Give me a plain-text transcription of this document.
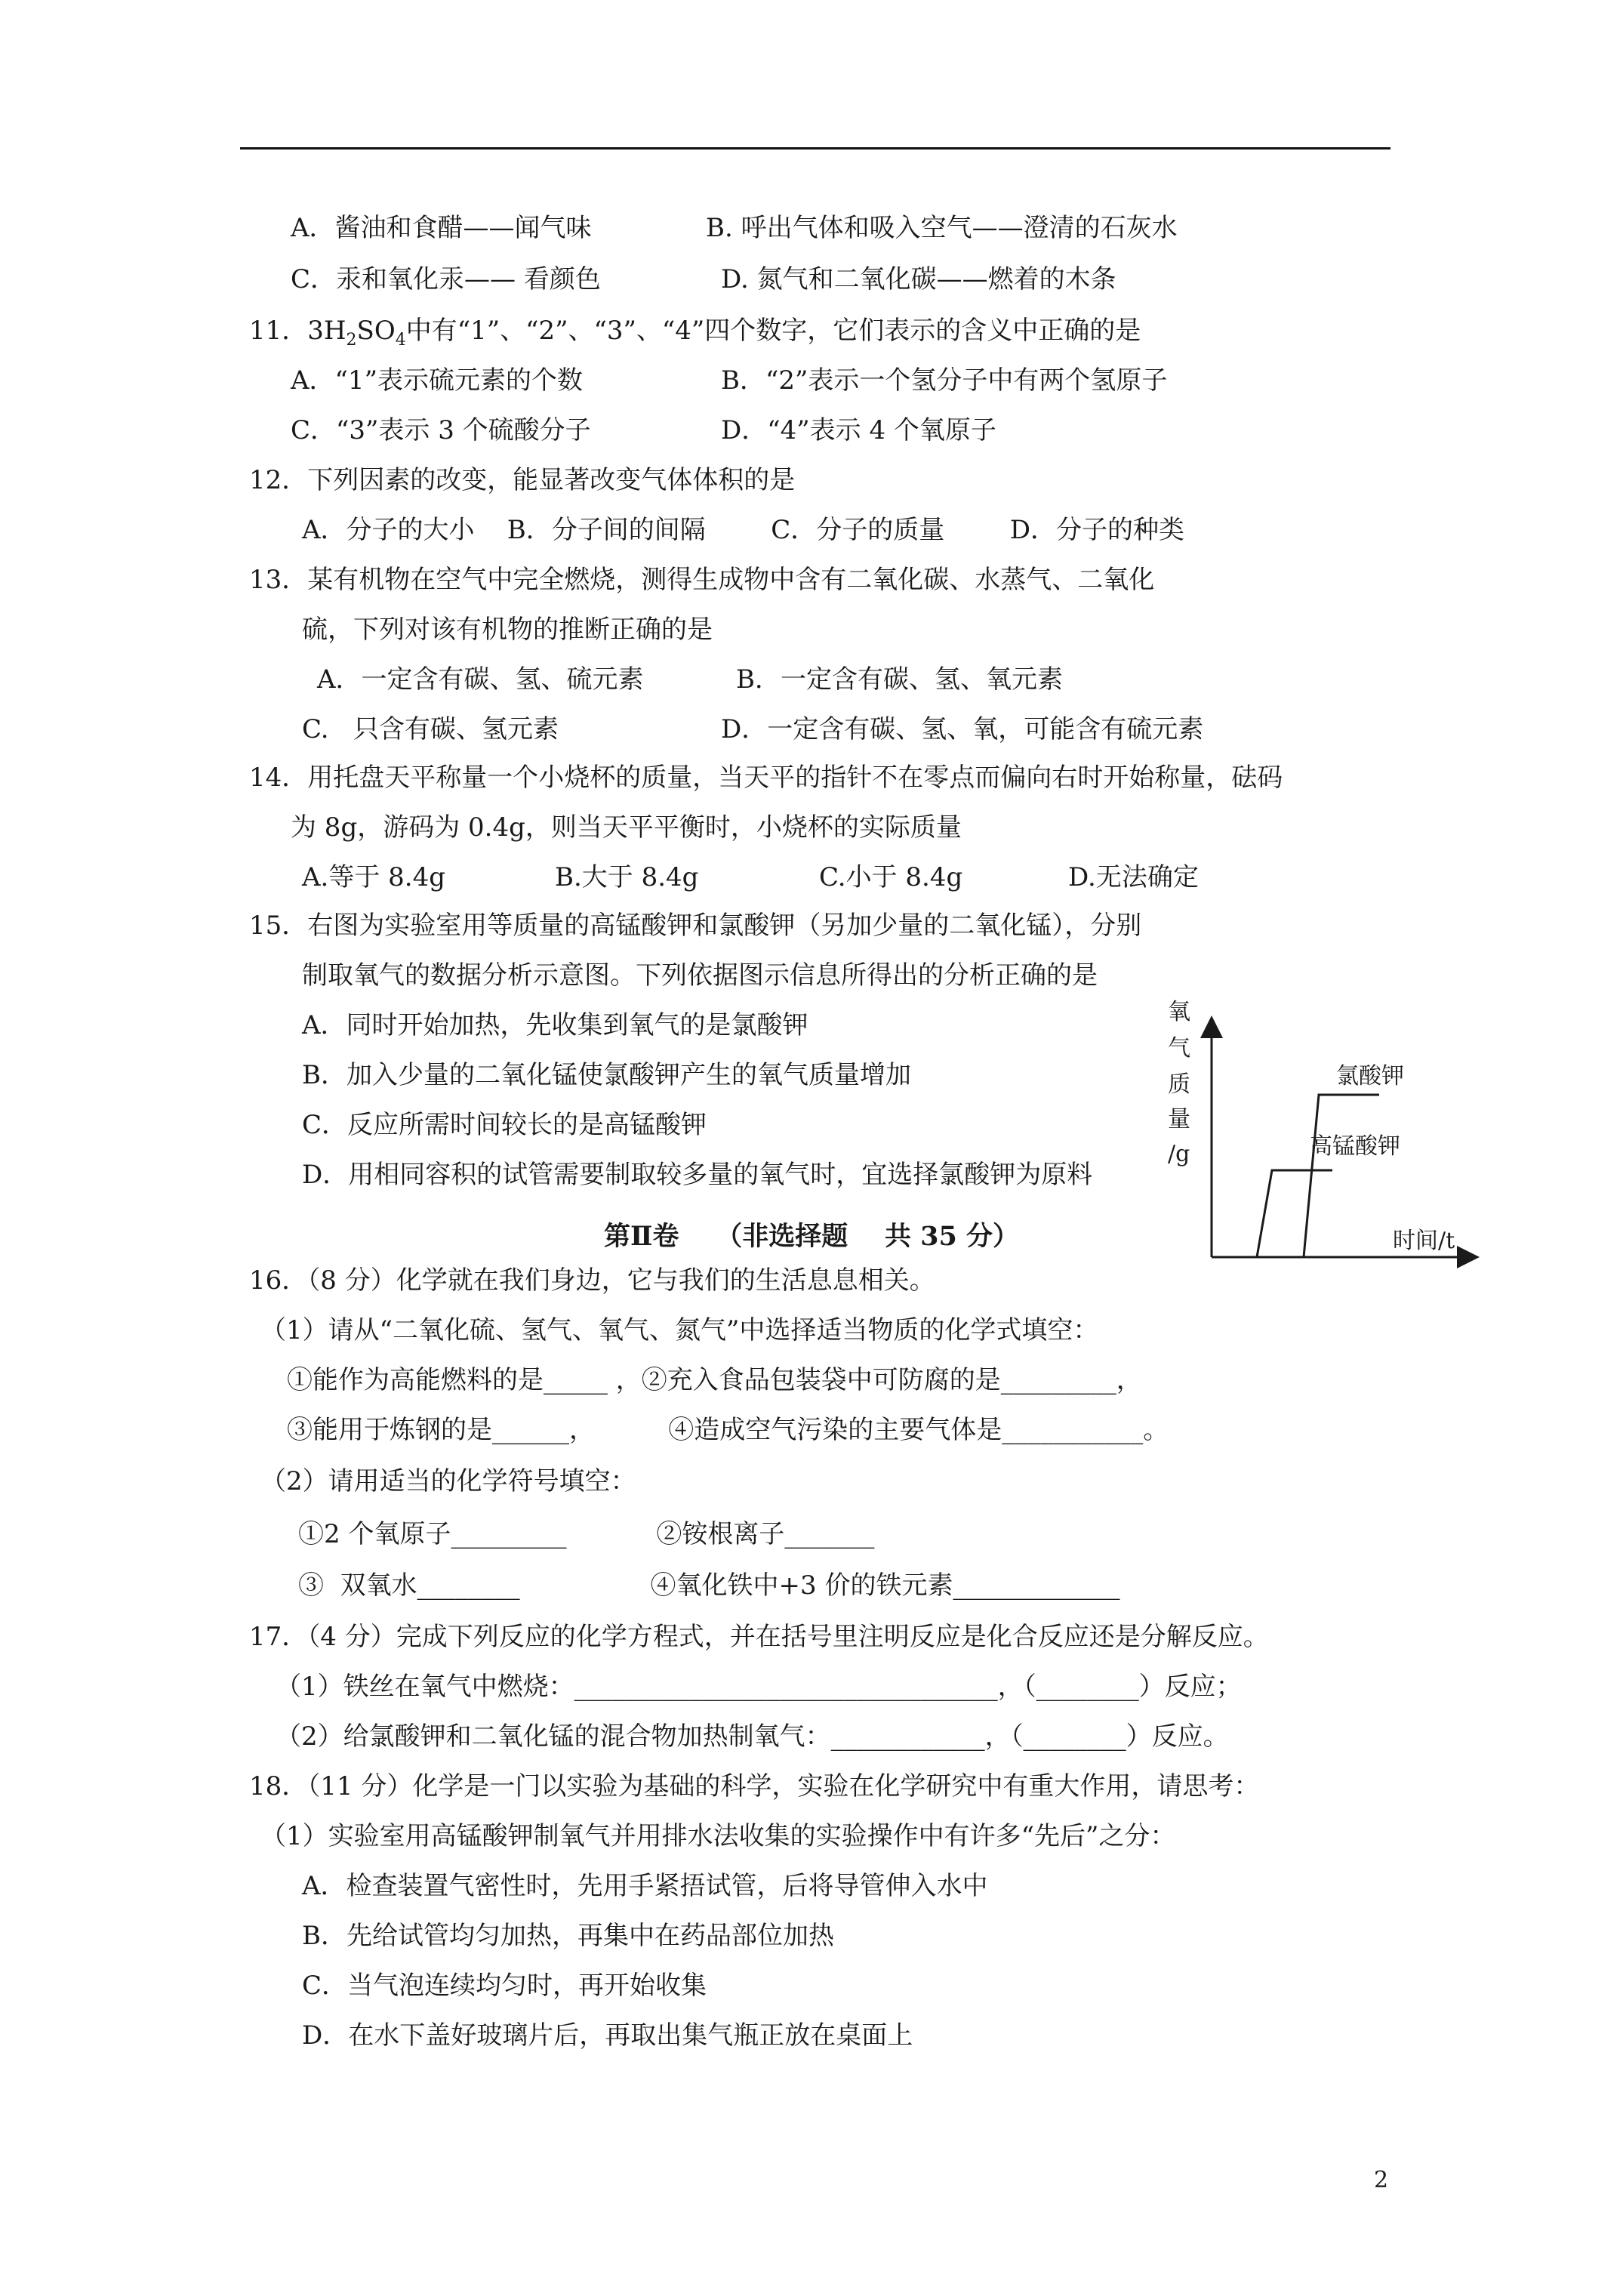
A．酱油和食醋——闻气味	B. 呼出气体和吸入空气——澄清的石灰水
C．汞和氧化汞—— 看颜色	D. 氮气和二氧化碳——燃着的木条
11．$3H_2SO_4$中有“1”、“2”、“3”、“4”四个数字，它们表示的含义中正确的是
A．“1”表示硫元素的个数	B．“2”表示一个氢分子中有两个氢原子
C．“3”表示 3 个硫酸分子	D．“4”表示 4 个氧原子
12．下列因素的改变，能显著改变气体体积的是
A．分子的大小    B．分子间的间隔        C．分子的质量        D．分子的种类
13．某有机物在空气中完全燃烧，测得生成物中含有二氧化碳、水蒸气、二氧化
硫，下列对该有机物的推断正确的是
A．一定含有碳、氢、硫元素	B．一定含有碳、氢、氧元素
C.   只含有碳、氢元素	D．一定含有碳、氢、氧，可能含有硫元素
14．用托盘天平称量一个小烧杯的质量，当天平的指针不在零点而偏向右时开始称量，砝码
为 8g，游码为 0.4g，则当天平平衡时，小烧杯的实际质量
A.等于 8.4g	B.大于 8.4g	C.小于 8.4g	D.无法确定
15．右图为实验室用等质量的高锰酸钾和氯酸钾（另加少量的二氧化锰），分别
制取氧气的数据分析示意图。下列依据图示信息所得出的分析正确的是
A．同时开始加热，先收集到氧气的是氯酸钾
B．加入少量的二氧化锰使氯酸钾产生的氧气质量增加
C．反应所需时间较长的是高锰酸钾
D．用相同容积的试管需要制取较多量的氧气时，宜选择氯酸钾为原料
氧
气
质
量
/g
氯酸钾
高锰酸钾
时间/t
第Ⅱ卷    （非选择题    共 35 分）
16．（8 分）化学就在我们身边，它与我们的生活息息相关。
（1）请从“二氧化硫、氢气、氧气、氮气”中选择适当物质的化学式填空：
①能作为高能燃料的是_____ ，②充入食品包装袋中可防腐的是_________，
③能用于炼钢的是______，         ④造成空气污染的主要气体是___________。
（2）请用适当的化学符号填空：
①2 个氧原子_________           ②铵根离子_______
③  双氧水________                ④氧化铁中+3 价的铁元素_____________
17．（4 分）完成下列反应的化学方程式，并在括号里注明反应是化合反应还是分解反应。
（1）铁丝在氧气中燃烧：_________________________________，（________）反应；
（2）给氯酸钾和二氧化锰的混合物加热制氧气：____________，（________）反应。
18．（11 分）化学是一门以实验为基础的科学，实验在化学研究中有重大作用，请思考：
（1）实验室用高锰酸钾制氧气并用排水法收集的实验操作中有许多“先后”之分：
A．检查装置气密性时，先用手紧捂试管，后将导管伸入水中
B．先给试管均匀加热，再集中在药品部位加热
C．当气泡连续均匀时，再开始收集
D．在水下盖好玻璃片后，再取出集气瓶正放在桌面上
2
